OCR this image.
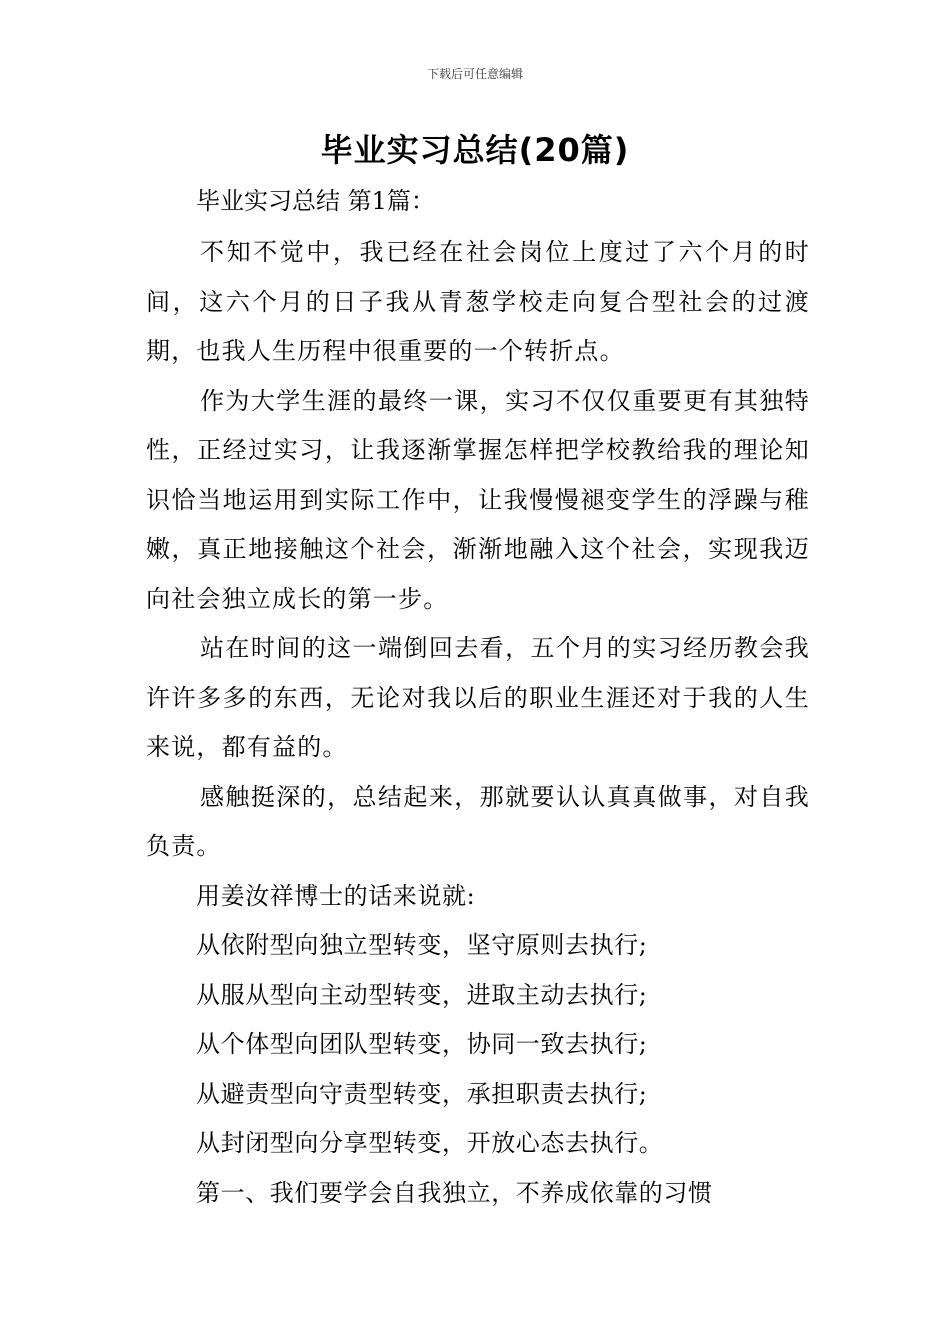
下载后可任意编辑
毕业实习总结(20篇)
毕业实习总结 第1篇：

不知不觉中，我已经在社会岗位上度过了六个月的时间，这六个月的日子我从青葱学校走向复合型社会的过渡期，也我人生历程中很重要的一个转折点。

作为大学生涯的最终一课，实习不仅仅重要更有其独特性，正经过实习，让我逐渐掌握怎样把学校教给我的理论知识恰当地运用到实际工作中，让我慢慢褪变学生的浮躁与稚嫩，真正地接触这个社会，渐渐地融入这个社会，实现我迈向社会独立成长的第一步。

站在时间的这一端倒回去看，五个月的实习经历教会我许许多多的东西，无论对我以后的职业生涯还对于我的人生来说，都有益的。

感触挺深的，总结起来，那就要认认真真做事，对自我负责。

用姜汝祥博士的话来说就:
从依附型向独立型转变，坚守原则去执行;
从服从型向主动型转变，进取主动去执行;
从个体型向团队型转变，协同一致去执行;
从避责型向守责型转变，承担职责去执行;
从封闭型向分享型转变，开放心态去执行。
第一、我们要学会自我独立，不养成依靠的习惯
